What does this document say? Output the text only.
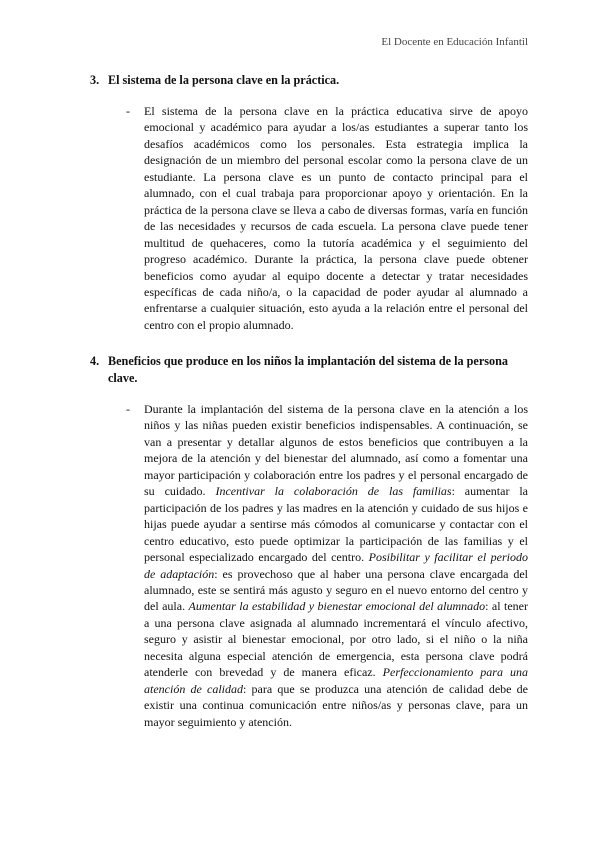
El Docente en Educación Infantil
3. El sistema de la persona clave en la práctica.
-	El sistema de la persona clave en la práctica educativa sirve de apoyo emocional y académico para ayudar a los/as estudiantes a superar tanto los desafíos académicos como los personales. Esta estrategia implica la designación de un miembro del personal escolar como la persona clave de un estudiante. La persona clave es un punto de contacto principal para el alumnado, con el cual trabaja para proporcionar apoyo y orientación. En la práctica de la persona clave se lleva a cabo de diversas formas, varía en función de las necesidades y recursos de cada escuela. La persona clave puede tener multitud de quehaceres, como la tutoría académica y el seguimiento del progreso académico. Durante la práctica, la persona clave puede obtener beneficios como ayudar al equipo docente a detectar y tratar necesidades específicas de cada niño/a, o la capacidad de poder ayudar al alumnado a enfrentarse a cualquier situación, esto ayuda a la relación entre el personal del centro con el propio alumnado.

4. Beneficios que produce en los niños la implantación del sistema de la persona clave.
-	Durante la implantación del sistema de la persona clave en la atención a los niños y las niñas pueden existir beneficios indispensables. A continuación, se van a presentar y detallar algunos de estos beneficios que contribuyen a la mejora de la atención y del bienestar del alumnado, así como a fomentar una mayor participación y colaboración entre los padres y el personal encargado de su cuidado. Incentivar la colaboración de las familias: aumentar la participación de los padres y las madres en la atención y cuidado de sus hijos e hijas puede ayudar a sentirse más cómodos al comunicarse y contactar con el centro educativo, esto puede optimizar la participación de las familias y el personal especializado encargado del centro. Posibilitar y facilitar el periodo de adaptación: es provechoso que al haber una persona clave encargada del alumnado, este se sentirá más agusto y seguro en el nuevo entorno del centro y del aula. Aumentar la estabilidad y bienestar emocional del alumnado: al tener a una persona clave asignada al alumnado incrementará el vínculo afectivo, seguro y asistir al bienestar emocional, por otro lado, si el niño o la niña necesita alguna especial atención de emergencia, esta persona clave podrá atenderle con brevedad y de manera eficaz. Perfeccionamiento para una atención de calidad: para que se produzca una atención de calidad debe de existir una continua comunicación entre niños/as y personas clave, para un mayor seguimiento y atención.
